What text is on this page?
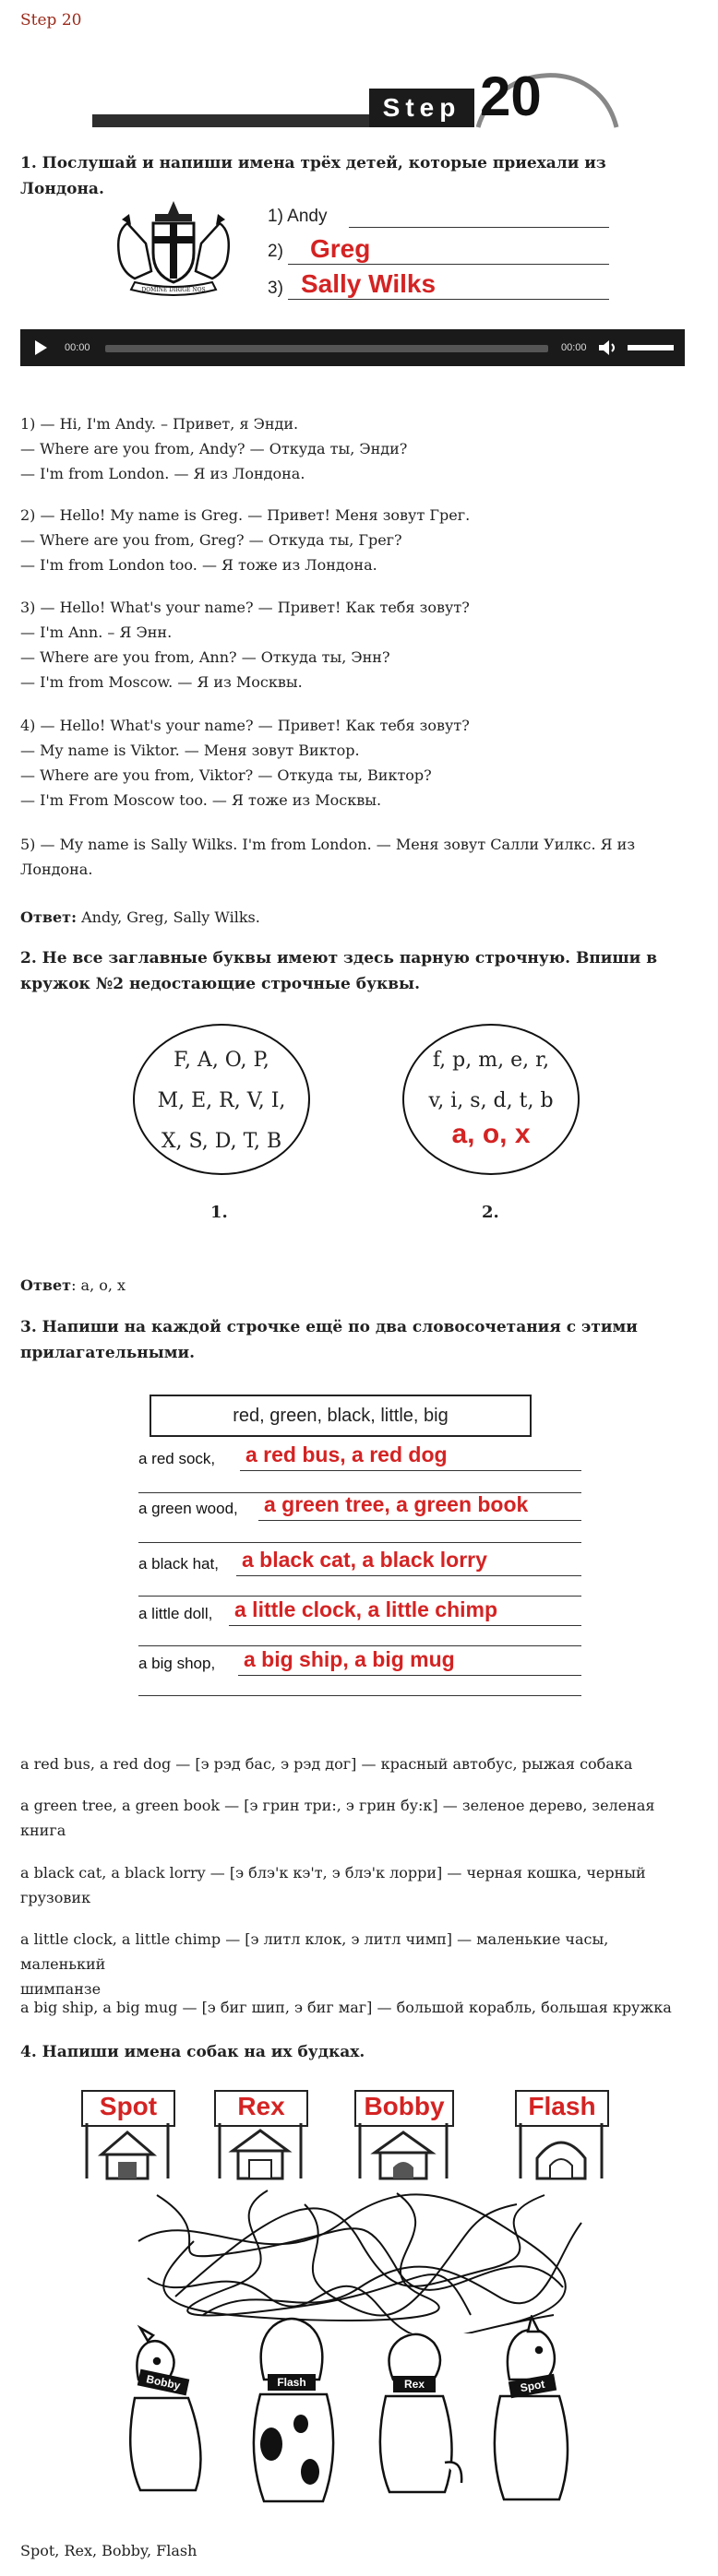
Step 20
Step 20
1. Послушай и напиши имена трёх детей, которые приехали из Лондона.
DOMINE DIRIGE NOS
1) Andy
2) Greg
3) Sally Wilks
00:00	00:00
1) — Hi, I'm Andy. – Привет, я Энди.
— Where are you from, Andy? — Откуда ты, Энди?
— I'm from London. — Я из Лондона.
2) — Hello! My name is Greg. — Привет! Меня зовут Грег.
— Where are you from, Greg? — Откуда ты, Грег?
— I'm from London too. — Я тоже из Лондона.
3) — Hello! What's your name? — Привет! Как тебя зовут?
— I'm Ann. – Я Энн.
— Where are you from, Ann? — Откуда ты, Энн?
— I'm from Moscow. — Я из Москвы.
4) — Hello! What's your name? — Привет! Как тебя зовут?
— My name is Viktor. — Меня зовут Виктор.
— Where are you from, Viktor? — Откуда ты, Виктор?
— I'm From Moscow too. — Я тоже из Москвы.
5) — My name is Sally Wilks. I'm from London. — Меня зовут Салли Уилкс. Я из
Лондона.
Ответ: Andy, Greg, Sally Wilks.
2. Не все заглавные буквы имеют здесь парную строчную. Впиши в
кружок №2 недостающие строчные буквы.
F, A, O, P,
M, E, R, V, I,
X, S, D, T, B
1.
f, p, m, e, r,
v, i, s, d, t, b
a, o, x
2.
Ответ: a, o, x
3. Напиши на каждой строчке ещё по два словосочетания с этими
прилагательными.
red, green, black, little, big
a red sock, a red bus, a red dog
a green wood, a green tree, a green book
a black hat, a black cat, a black lorry
a little doll, a little clock, a little chimp
a big shop, a big ship, a big mug
a red bus, a red dog — [э рэд бас, э рэд дог] — красный автобус, рыжая собака
a green tree, a green book — [э грин три:, э грин бу:к] — зеленое дерево, зеленая
книга
a black cat, a black lorry — [э блэ'к кэ'т, э блэ'к лорри] — черная кошка, черный
грузовик
a little clock, a little chimp — [э литл клок, э литл чимп] — маленькие часы, маленький
шимпанзе
a big ship, a big mug — [э биг шип, э биг маг] — большой корабль, большая кружка
4. Напиши имена собак на их будках.
Spot	Rex	Bobby	Flash
Bobby	Flash	Rex	Spot
Spot, Rex, Bobby, Flash
